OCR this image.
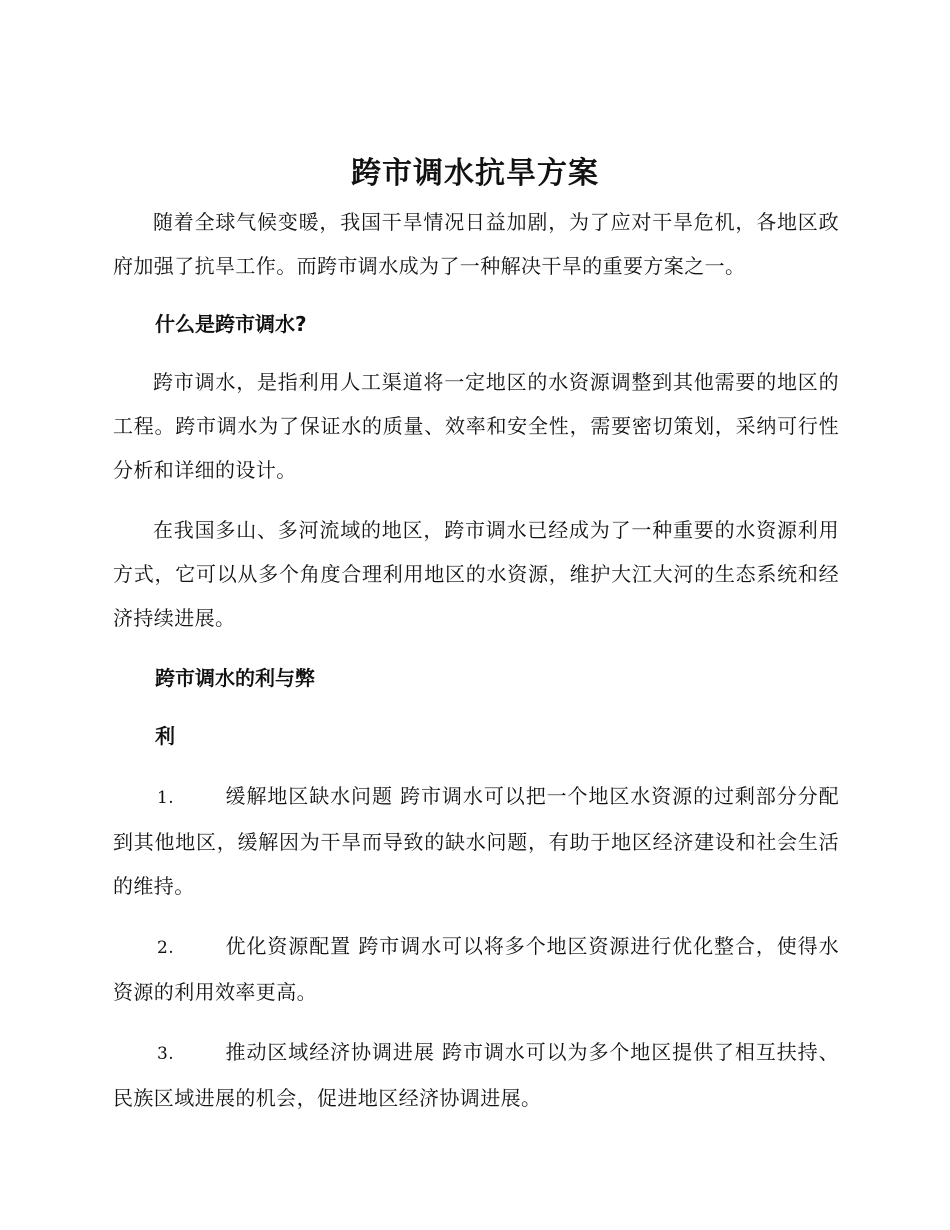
跨市调水抗旱方案

随着全球气候变暖，我国干旱情况日益加剧，为了应对干旱危机，各地区政府加强了抗旱工作。而跨市调水成为了一种解决干旱的重要方案之一。

什么是跨市调水?

跨市调水，是指利用人工渠道将一定地区的水资源调整到其他需要的地区的工程。跨市调水为了保证水的质量、效率和安全性，需要密切策划，采纳可行性分析和详细的设计。

在我国多山、多河流域的地区，跨市调水已经成为了一种重要的水资源利用方式，它可以从多个角度合理利用地区的水资源，维护大江大河的生态系统和经济持续进展。

跨市调水的利与弊
利

1.	缓解地区缺水问题 跨市调水可以把一个地区水资源的过剩部分分配到其他地区，缓解因为干旱而导致的缺水问题，有助于地区经济建设和社会生活的维持。

2.	优化资源配置 跨市调水可以将多个地区资源进行优化整合，使得水资源的利用效率更高。

3.	推动区域经济协调进展 跨市调水可以为多个地区提供了相互扶持、民族区域进展的机会，促进地区经济协调进展。
